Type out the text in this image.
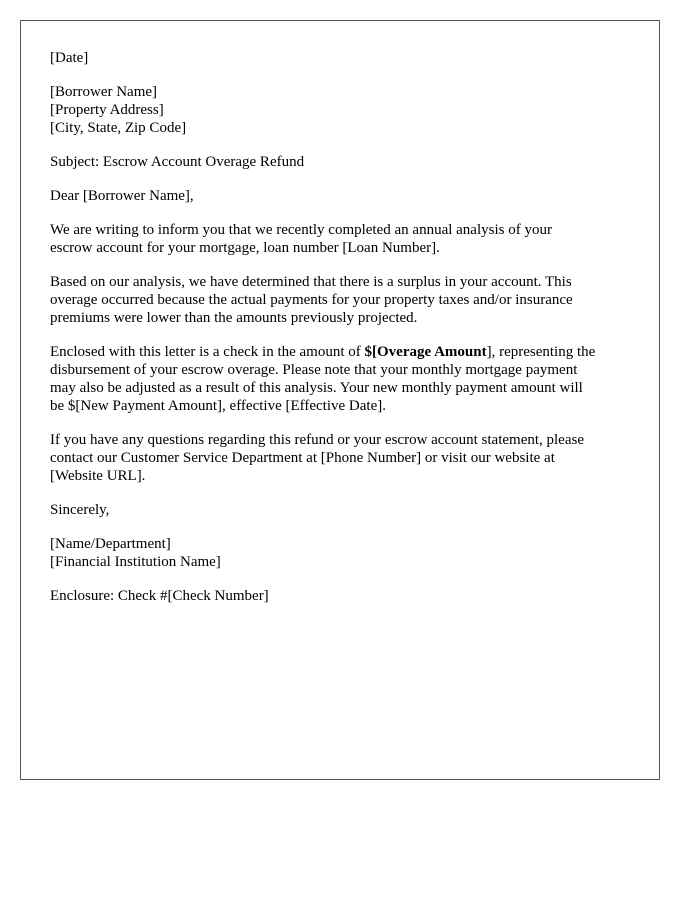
[Date]

[Borrower Name]
[Property Address]
[City, State, Zip Code]

Subject: Escrow Account Overage Refund

Dear [Borrower Name],

We are writing to inform you that we recently completed an annual analysis of your
escrow account for your mortgage, loan number [Loan Number].

Based on our analysis, we have determined that there is a surplus in your account. This
overage occurred because the actual payments for your property taxes and/or insurance
premiums were lower than the amounts previously projected.

Enclosed with this letter is a check in the amount of $[Overage Amount], representing the
disbursement of your escrow overage. Please note that your monthly mortgage payment
may also be adjusted as a result of this analysis. Your new monthly payment amount will
be $[New Payment Amount], effective [Effective Date].

If you have any questions regarding this refund or your escrow account statement, please
contact our Customer Service Department at [Phone Number] or visit our website at
[Website URL].

Sincerely,

[Name/Department]
[Financial Institution Name]

Enclosure: Check #[Check Number]
